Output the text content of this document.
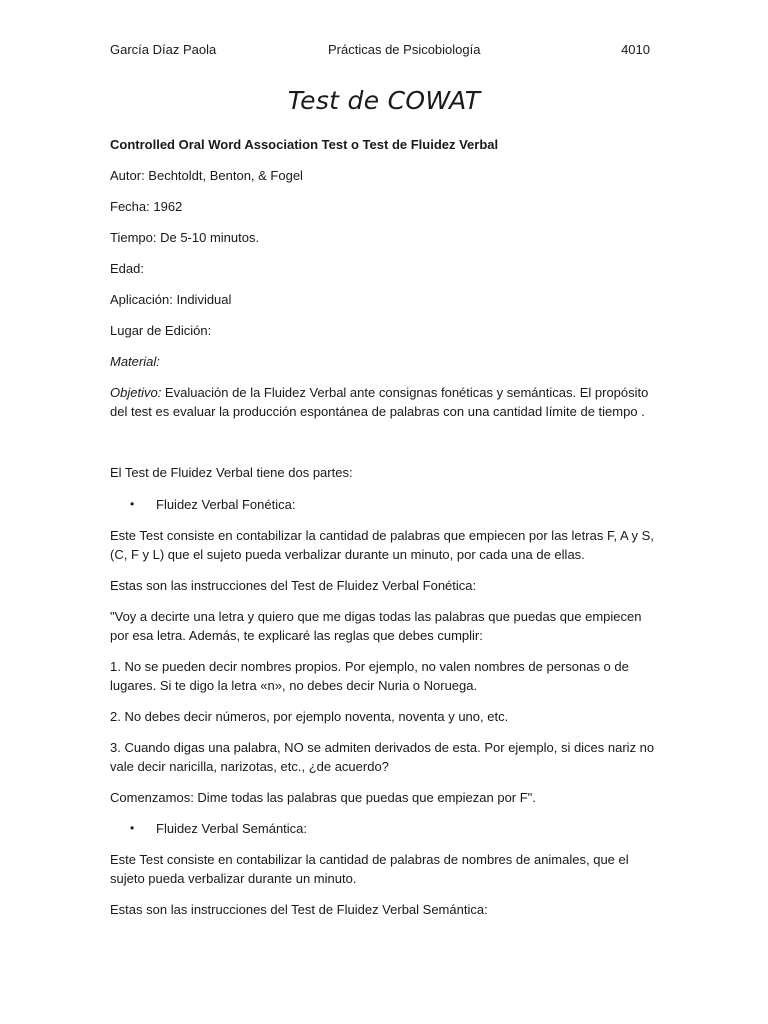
García Díaz Paola	Prácticas de Psicobiología	4010
Test de COWAT
Controlled Oral Word Association Test o Test de Fluidez Verbal
Autor: Bechtoldt, Benton, & Fogel
Fecha: 1962
Tiempo: De 5-10 minutos.
Edad:
Aplicación: Individual
Lugar de Edición:
Material:
Objetivo: Evaluación de la Fluidez Verbal ante consignas fonéticas y semánticas. El propósito
del test es evaluar la producción espontánea de palabras con una cantidad límite de tiempo .
El Test de Fluidez Verbal tiene dos partes:
• Fluidez Verbal Fonética:
Este Test consiste en contabilizar la cantidad de palabras que empiecen por las letras F, A y S,
(C, F y L) que el sujeto pueda verbalizar durante un minuto, por cada una de ellas.
Estas son las instrucciones del Test de Fluidez Verbal Fonética:
"Voy a decirte una letra y quiero que me digas todas las palabras que puedas que empiecen
por esa letra. Además, te explicaré las reglas que debes cumplir:
1. No se pueden decir nombres propios. Por ejemplo, no valen nombres de personas o de
lugares. Si te digo la letra «n», no debes decir Nuria o Noruega.
2. No debes decir números, por ejemplo noventa, noventa y uno, etc.
3. Cuando digas una palabra, NO se admiten derivados de esta. Por ejemplo, si dices nariz no
vale decir naricilla, narizotas, etc., ¿de acuerdo?
Comenzamos: Dime todas las palabras que puedas que empiezan por F".
• Fluidez Verbal Semántica:
Este Test consiste en contabilizar la cantidad de palabras de nombres de animales, que el
sujeto pueda verbalizar durante un minuto.
Estas son las instrucciones del Test de Fluidez Verbal Semántica:
